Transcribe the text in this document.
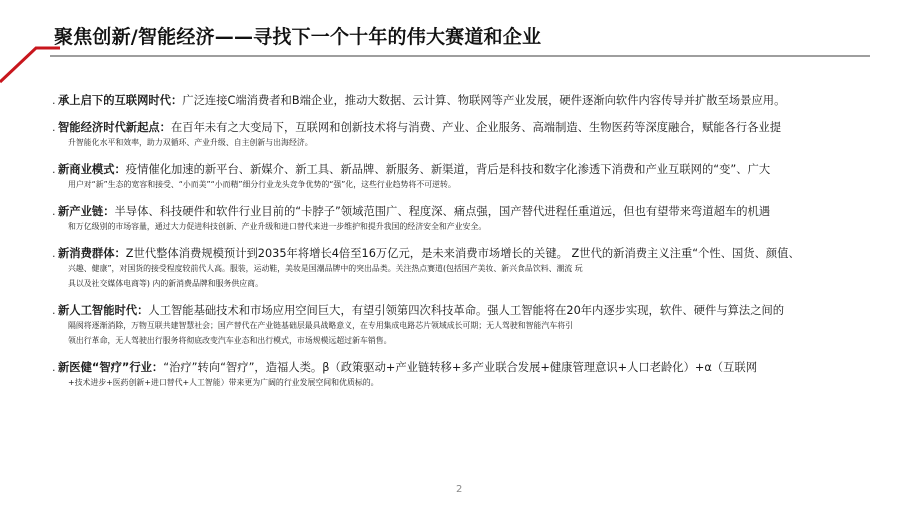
聚焦创新/智能经济——寻找下一个十年的伟大赛道和企业
. 承上启下的互联网时代：广泛连接C端消费者和B端企业，推动大数据、云计算、物联网等产业发展，硬件逐渐向软件内容传导并扩散至场景应用。
. 智能经济时代新起点：在百年未有之大变局下，互联网和创新技术将与消费、产业、企业服务、高端制造、生物医药等深度融合，赋能各行各业提
升智能化水平和效率，助力双循环、产业升级、自主创新与出海经济。
. 新商业模式：疫情催化加速的新平台、新媒介、新工具、新品牌、新服务、新渠道，背后是科技和数字化渗透下消费和产业互联网的“变”、广大
用户对“新”生态的宽容和接受、“小而美”“小而精”细分行业龙头竞争优势的“强”化，这些行业趋势将不可逆转。
. 新产业链：半导体、科技硬件和软件行业目前的“卡脖子”领域范围广、程度深、痛点强，国产替代进程任重道远，但也有望带来弯道超车的机遇
和万亿级别的市场容量，通过大力促进科技创新、产业升级和进口替代来进一步维护和提升我国的经济安全和产业安全。
. 新消费群体：Z世代整体消费规模预计到2035年将增长4倍至16万亿元，是未来消费市场增长的关键。 Z世代的新消费主义注重“个性、国货、颜值、
兴趣、健康”，对国货的接受程度较前代人高。服装，运动鞋，美妆是国潮品牌中的突出品类。关注热点赛道(包括国产美妆、新兴食品饮料、潮流 玩
具以及社交媒体电商等) 内的新消费品牌和服务供应商。
. 新人工智能时代：人工智能基础技术和市场应用空间巨大，有望引领第四次科技革命。强人工智能将在20年内逐步实现，软件、硬件与算法之间的
隔阂将逐渐消除，万物互联共建智慧社会；国产替代在产业链基础层最具战略意义，在专用集成电路芯片领域成长可期；无人驾驶和智能汽车将引
领出行革命，无人驾驶出行服务将彻底改变汽车业态和出行模式，市场规模远超过新车销售。
. 新医健“智疗”行业：“治疗”转向“智疗”，造福人类。β（政策驱动+产业链转移+多产业联合发展+健康管理意识+人口老龄化）+α（互联网
+技术进步+医药创新+进口替代+人工智能）带来更为广阔的行业发展空间和优质标的。
2
